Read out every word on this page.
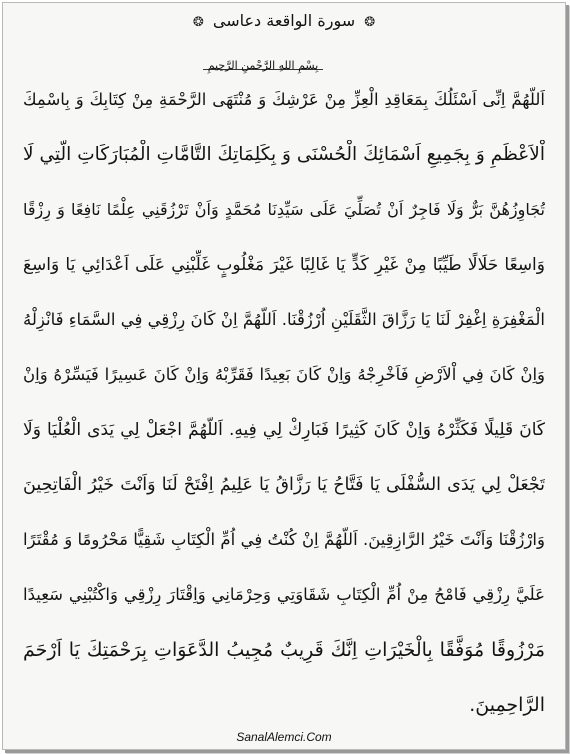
❂ سورة الواقعة دعاسى ❂
بِسْمِ اللهِ الرَّحْمنِ الرَّحِيمِ
اَللّهُمَّ اِنِّى اَسْئَلُكَ بِمَعَاقِدِ الْعِزِّ مِنْ عَرْشِكَ وَ مُنْتَهَى الرَّحْمَةِ مِنْ كِتَابِكَ وَ بِاسْمِكَ
اْلاَعْظَمِ وَ بِجَمِيعِ اَسْمَائِكَ الْحُسْنَى وَ بِكَلِمَاتِكَ التَّامَّاتِ الْمُبَارَكَاتِ الَّتِي لَا
تُجَاوِزُهُنَّ بَرٌّ وَلَا فَاجِرٌ اَنْ تُصَلِّيَ عَلَى سَيِّدِنَا مُحَمَّدٍ وَاَنْ تَرْزُقَنِي عِلْمًا نَافِعًا وَ رِزْقًا
وَاسِعًا حَلَالًا طَيِّبًا مِنْ غَيْرِ كَدٍّ يَا غَالِبًا غَيْرَ مَغْلُوبٍ غَلِّبْنِي عَلَى اَعْدَائِي يَا وَاسِعَ
الْمَغْفِرَةِ اِغْفِرْ لَنَا يَا رَزَّاقَ الثَّقَلَيْنِ اُرْزُقْنَا. اَللّهُمَّ اِنْ كَانَ رِزْقِي فِي السَّمَاءِ فَانْزِلْهُ
وَاِنْ كَانَ فِي اْلاَرْضِ فَاَخْرِجْهُ وَاِنْ كَانَ بَعِيدًا فَقَرِّبْهُ وَاِنْ كَانَ عَسِيرًا فَيَسِّرْهُ وَاِنْ
كَانَ قَلِيلًا فَكَثِّرْهُ وَاِنْ كَانَ كَثِيرًا فَبَارِكْ لِي فِيهِ. اَللّهُمَّ اجْعَلْ لِي يَدَى الْعُلْيَا وَلَا
تَجْعَلْ لِي يَدَى السُّفْلَى يَا فَتَّاحُ يَا رَزَّاقُ يَا عَلِيمُ اِفْتَحْ لَنَا وَاَنْتَ خَيْرُ الْفَاتِحِينَ
وَارْزُقْنَا وَاَنْتَ خَيْرُ الرَّازِقِينَ. اَللّهُمَّ اِنْ كُنْتُ فِي اُمِّ الْكِتَابِ شَقِيًّا مَحْرُومًا وَ مُقْتَرًا
عَلَيَّ رِزْقِي فَامْحُ مِنْ اُمِّ الْكِتَابِ شَقَاوَتِي وَحِرْمَانِي وَاِقْتَارَ رِزْقِي وَاكْتُبْنِي سَعِيدًا
مَرْزُوقًا مُوَفَّقًا بِالْخَيْرَاتِ اِنَّكَ قَرِيبٌ مُجِيبُ الدَّعَوَاتِ بِرَحْمَتِكَ يَا اَرْحَمَ
الرَّاحِمِينَ.
SanalAlemci.Com
